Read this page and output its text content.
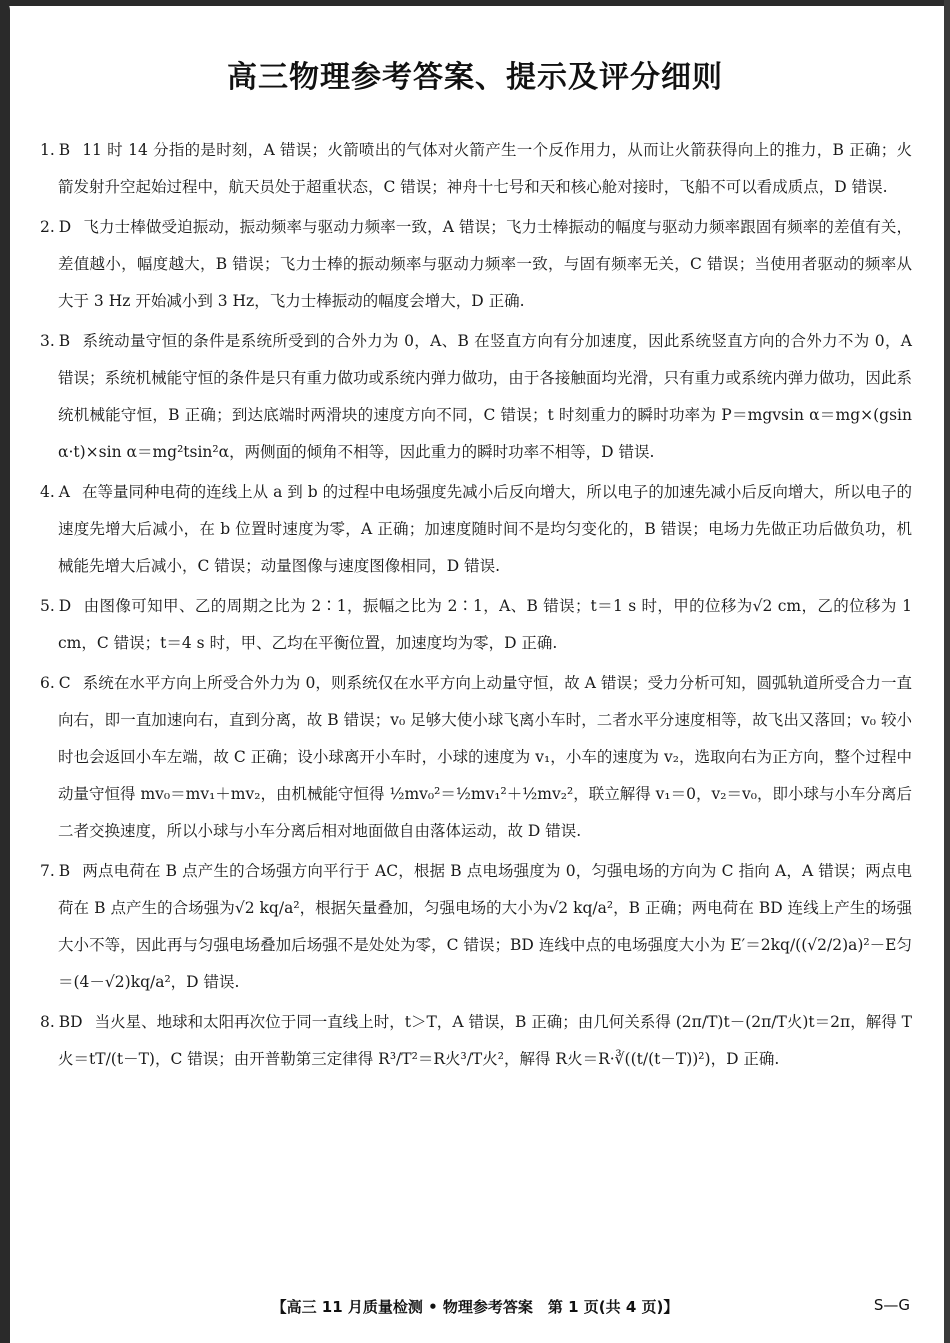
高三物理参考答案、提示及评分细则
1. B 11 时 14 分指的是时刻，A 错误；火箭喷出的气体对火箭产生一个反作用力，从而让火箭获得向上的推力，B 正确；火箭发射升空起始过程中，航天员处于超重状态，C 错误；神舟十七号和天和核心舱对接时，飞船不可以看成质点，D 错误.
2. D 飞力士棒做受迫振动，振动频率与驱动力频率一致，A 错误；飞力士棒振动的幅度与驱动力频率跟固有频率的差值有关，差值越小，幅度越大，B 错误；飞力士棒的振动频率与驱动力频率一致，与固有频率无关，C 错误；当使用者驱动的频率从大于 3 Hz 开始减小到 3 Hz，飞力士棒振动的幅度会增大，D 正确.
3. B 系统动量守恒的条件是系统所受到的合外力为 0，A、B 在竖直方向有分加速度，因此系统竖直方向的合外力不为 0，A 错误；系统机械能守恒的条件是只有重力做功或系统内弹力做功，由于各接触面均光滑，只有重力或系统内弹力做功，因此系统机械能守恒，B 正确；到达底端时两滑块的速度方向不同，C 错误；t 时刻重力的瞬时功率为 P＝mgvsin α＝mg×(gsin α·t)×sin α＝mg²tsin²α，两侧面的倾角不相等，因此重力的瞬时功率不相等，D 错误.
4. A 在等量同种电荷的连线上从 a 到 b 的过程中电场强度先减小后反向增大，所以电子的加速先减小后反向增大，所以电子的速度先增大后减小，在 b 位置时速度为零，A 正确；加速度随时间不是均匀变化的，B 错误；电场力先做正功后做负功，机械能先增大后减小，C 错误；动量图像与速度图像相同，D 错误.
5. D 由图像可知甲、乙的周期之比为 2∶1，振幅之比为 2∶1，A、B 错误；t＝1 s 时，甲的位移为√2 cm，乙的位移为 1 cm，C 错误；t＝4 s 时，甲、乙均在平衡位置，加速度均为零，D 正确.
6. C 系统在水平方向上所受合外力为 0，则系统仅在水平方向上动量守恒，故 A 错误；受力分析可知，圆弧轨道所受合力一直向右，即一直加速向右，直到分离，故 B 错误；v₀ 足够大使小球飞离小车时，二者水平分速度相等，故飞出又落回；v₀ 较小时也会返回小车左端，故 C 正确；设小球离开小车时，小球的速度为 v₁，小车的速度为 v₂，选取向右为正方向，整个过程中动量守恒得 mv₀＝mv₁＋mv₂，由机械能守恒得 ½mv₀²＝½mv₁²＋½mv₂²，联立解得 v₁＝0，v₂＝v₀，即小球与小车分离后二者交换速度，所以小球与小车分离后相对地面做自由落体运动，故 D 错误.
7. B 两点电荷在 B 点产生的合场强方向平行于 AC，根据 B 点电场强度为 0，匀强电场的方向为 C 指向 A，A 错误；两点电荷在 B 点产生的合场强为√2 kq/a²，根据矢量叠加，匀强电场的大小为√2 kq/a²，B 正确；两电荷在 BD 连线上产生的场强大小不等，因此再与匀强电场叠加后场强不是处处为零，C 错误；BD 连线中点的电场强度大小为 E′＝2kq/((√2/2)a)²－E匀＝(4－√2)kq/a²，D 错误.
8. BD 当火星、地球和太阳再次位于同一直线上时，t＞T，A 错误，B 正确；由几何关系得 (2π/T)t－(2π/T火)t＝2π，解得 T火＝tT/(t－T)，C 错误；由开普勒第三定律得 R³/T²＝R火³/T火²，解得 R火＝R·∛((t/(t－T))²)，D 正确.
【高三 11 月质量检测 • 物理参考答案　第 1 页(共 4 页)】	S—G
